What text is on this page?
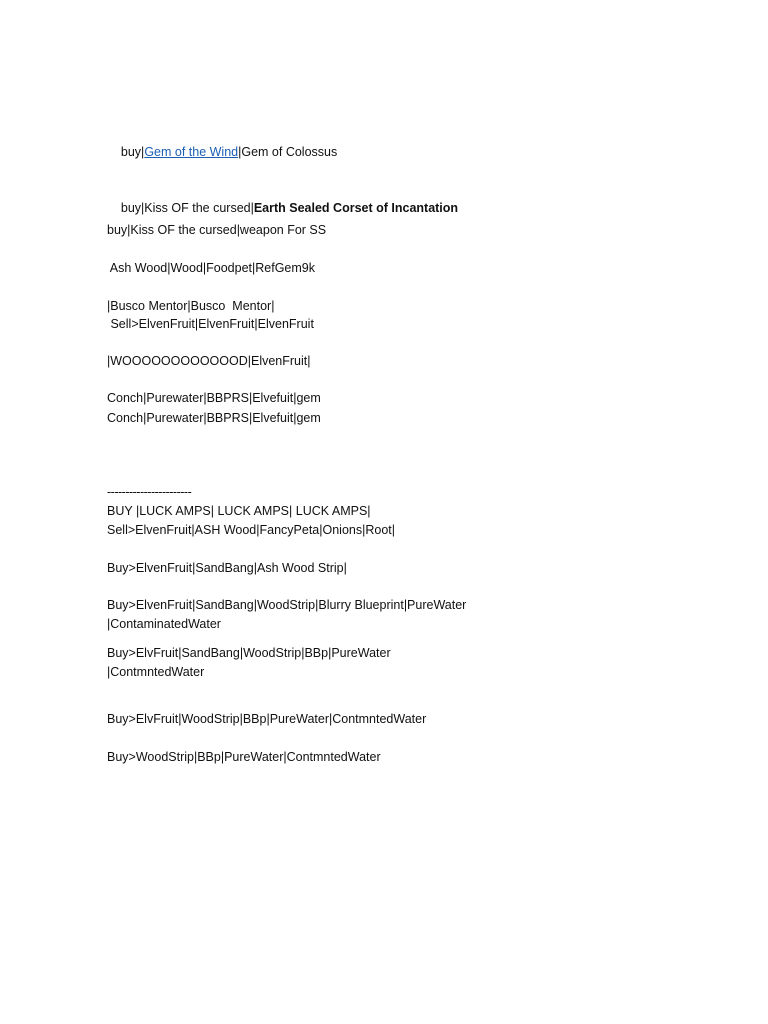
buy|Gem of the Wind|Gem of Colossus

buy|Kiss OF the cursed|Earth Sealed Corset of Incantation

buy|Kiss OF the cursed|weapon For SS
Ash Wood|Wood|Foodpet|RefGem9k
|Busco Mentor|Busco  Mentor|
Sell>ElvenFruit|ElvenFruit|ElvenFruit
|WOOOOOOOOOOOOD|ElvenFruit|
Conch|Purewater|BBPRS|Elvefuit|gem
Conch|Purewater|BBPRS|Elvefuit|gem
-----------------------
BUY |LUCK AMPS| LUCK AMPS| LUCK AMPS|
Sell>ElvenFruit|ASH Wood|FancyPeta|Onions|Root|
Buy>ElvenFruit|SandBang|Ash Wood Strip|
Buy>ElvenFruit|SandBang|WoodStrip|Blurry Blueprint|PureWater
|ContaminatedWater
Buy>ElvFruit|SandBang|WoodStrip|BBp|PureWater
|ContmntedWater
Buy>ElvFruit|WoodStrip|BBp|PureWater|ContmntedWater
Buy>WoodStrip|BBp|PureWater|ContmntedWater
